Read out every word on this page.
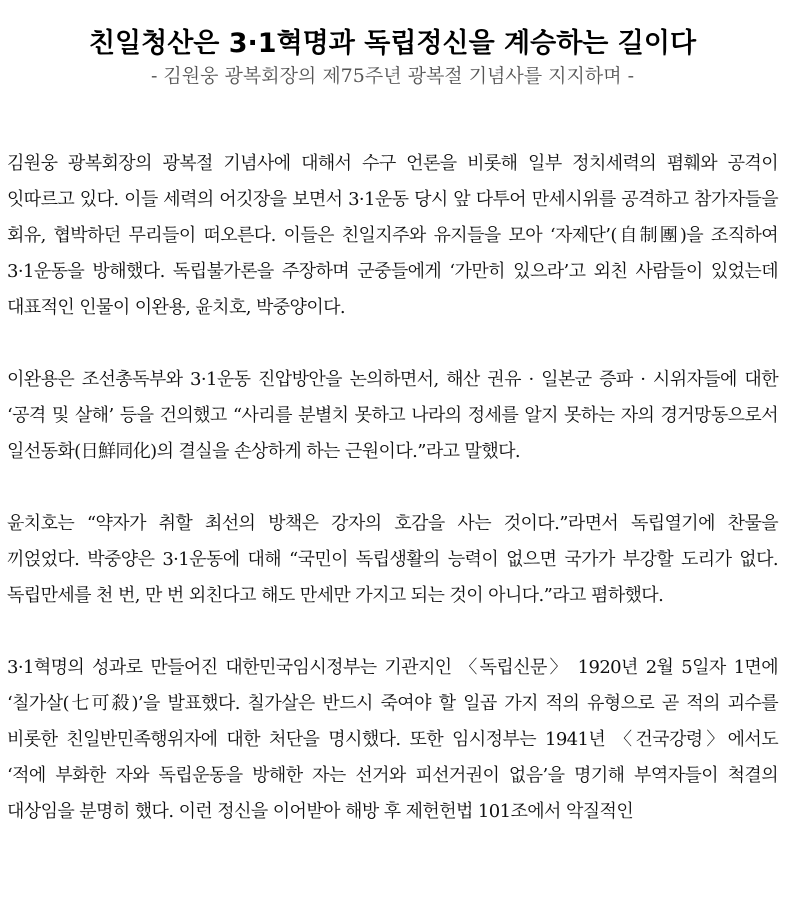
친일청산은 3·1혁명과 독립정신을 계승하는 길이다

- 김원웅 광복회장의 제75주년 광복절 기념사를 지지하며 -

김원웅 광복회장의 광복절 기념사에 대해서 수구 언론을 비롯해 일부 정치세력의 폄훼와 공격이 잇따르고 있다. 이들 세력의 어깃장을 보면서 3·1운동 당시 앞 다투어 만세시위를 공격하고 참가자들을 회유, 협박하던 무리들이 떠오른다. 이들은 친일지주와 유지들을 모아 ‘자제단’(自制團)을 조직하여 3·1운동을 방해했다. 독립불가론을 주장하며 군중들에게 ‘가만히 있으라’고 외친 사람들이 있었는데 대표적인 인물이 이완용, 윤치호, 박중양이다.

이완용은 조선총독부와 3·1운동 진압방안을 논의하면서, 해산 권유 · 일본군 증파 · 시위자들에 대한 ‘공격 및 살해’ 등을 건의했고 “사리를 분별치 못하고 나라의 정세를 알지 못하는 자의 경거망동으로서 일선동화(日鮮同化)의 결실을 손상하게 하는 근원이다.”라고 말했다.

윤치호는 “약자가 취할 최선의 방책은 강자의 호감을 사는 것이다.”라면서 독립열기에 찬물을 끼얹었다. 박중양은 3·1운동에 대해 “국민이 독립생활의 능력이 없으면 국가가 부강할 도리가 없다. 독립만세를 천 번, 만 번 외친다고 해도 만세만 가지고 되는 것이 아니다.”라고 폄하했다.

3·1혁명의 성과로 만들어진 대한민국임시정부는 기관지인 〈독립신문〉 1920년 2월 5일자 1면에 ‘칠가살(七可殺)’을 발표했다. 칠가살은 반드시 죽여야 할 일곱 가지 적의 유형으로 곧 적의 괴수를 비롯한 친일반민족행위자에 대한 처단을 명시했다. 또한 임시정부는 1941년 〈건국강령〉에서도 ‘적에 부화한 자와 독립운동을 방해한 자는 선거와 피선거권이 없음’을 명기해 부역자들이 척결의 대상임을 분명히 했다. 이런 정신을 이어받아 해방 후 제헌헌법 101조에서 악질적인
